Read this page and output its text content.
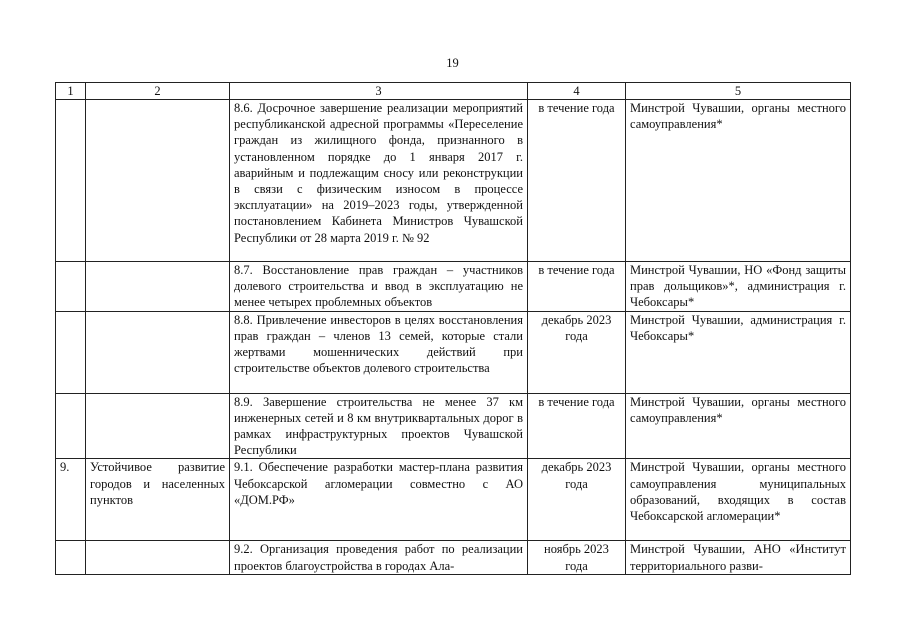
19
1	2	3	4	5
		8.6. Досрочное завершение реализации мероприятий республиканской адресной программы «Переселение граждан из жилищного фонда, признанного в установленном порядке до 1 января 2017 г. аварийным и подлежащим сносу или реконструкции в связи с физическим износом в процессе эксплуатации» на 2019–2023 годы, утвержденной постановлением Кабинета Министров Чувашской Республики от 28 марта 2019 г. № 92	в течение года	Минстрой Чувашии, органы местного самоуправления*
		8.7. Восстановление прав граждан – участников долевого строительства и ввод в эксплуатацию не менее четырех проблемных объектов	в течение года	Минстрой Чувашии, НО «Фонд защиты прав дольщиков»*, администрация г. Чебоксары*
		8.8. Привлечение инвесторов в целях восстановления прав граждан – членов 13 семей, которые стали жертвами мошеннических действий при строительстве объектов долевого строительства	декабрь 2023 года	Минстрой Чувашии, администрация г. Чебоксары*
		8.9. Завершение строительства не менее 37 км инженерных сетей и 8 км внутриквартальных дорог в рамках инфраструктурных проектов Чувашской Республики	в течение года	Минстрой Чувашии, органы местного самоуправления*
9.	Устойчивое развитие городов и населенных пунктов	9.1. Обеспечение разработки мастер-плана развития Чебоксарской агломерации совместно с АО «ДОМ.РФ»	декабрь 2023 года	Минстрой Чувашии, органы местного самоуправления муниципальных образований, входящих в состав Чебоксарской агломерации*
		9.2. Организация проведения работ по реализации проектов благоустройства в городах Ала-	ноябрь 2023 года	Минстрой Чувашии, АНО «Институт территориального разви-
